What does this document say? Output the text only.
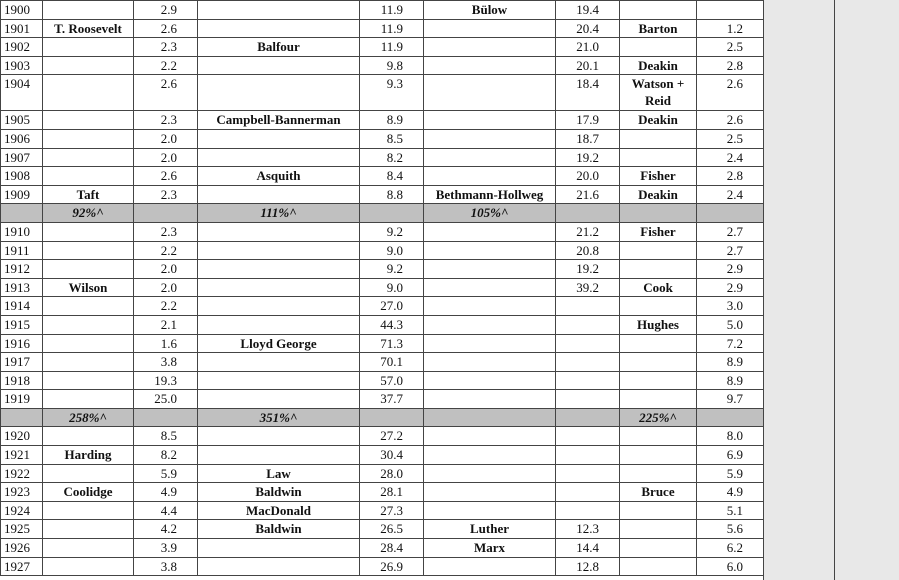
1900		2.9		11.9	Bülow	19.4		
1901	T. Roosevelt	2.6		11.9		20.4	Barton	1.2
1902		2.3	Balfour	11.9		21.0		2.5
1903		2.2		9.8		20.1	Deakin	2.8
1904		2.6		9.3		18.4	Watson + Reid	2.6
1905		2.3	Campbell-Bannerman	8.9		17.9	Deakin	2.6
1906		2.0		8.5		18.7		2.5
1907		2.0		8.2		19.2		2.4
1908		2.6	Asquith	8.4		20.0	Fisher	2.8
1909	Taft	2.3		8.8	Bethmann-Hollweg	21.6	Deakin	2.4
	92%^		111%^		105%^			
1910		2.3		9.2		21.2	Fisher	2.7
1911		2.2		9.0		20.8		2.7
1912		2.0		9.2		19.2		2.9
1913	Wilson	2.0		9.0		39.2	Cook	2.9
1914		2.2		27.0				3.0
1915		2.1		44.3			Hughes	5.0
1916		1.6	Lloyd George	71.3				7.2
1917		3.8		70.1				8.9
1918		19.3		57.0				8.9
1919		25.0		37.7				9.7
	258%^		351%^				225%^	
1920		8.5		27.2				8.0
1921	Harding	8.2		30.4				6.9
1922		5.9	Law	28.0				5.9
1923	Coolidge	4.9	Baldwin	28.1			Bruce	4.9
1924		4.4	MacDonald	27.3				5.1
1925		4.2	Baldwin	26.5	Luther	12.3		5.6
1926		3.9		28.4	Marx	14.4		6.2
1927		3.8		26.9		12.8		6.0
